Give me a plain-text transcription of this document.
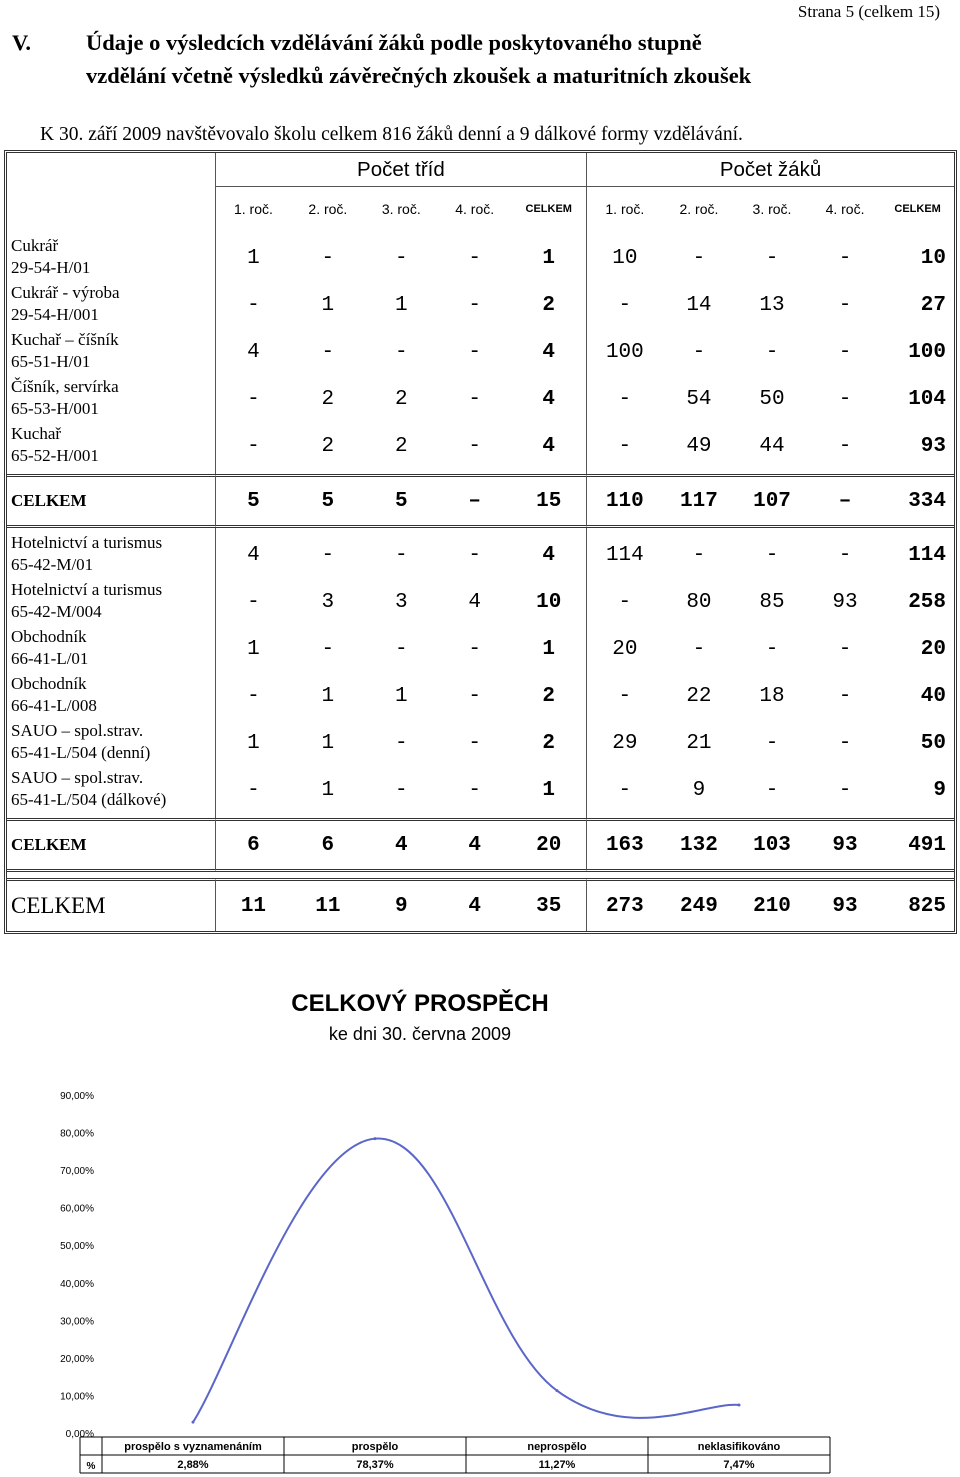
Strana 5 (celkem 15)
V. Údaje o výsledcích vzdělávání žáků podle poskytovaného stupně
vzdělání včetně výsledků závěrečných zkoušek a maturitních zkoušek
K 30. září 2009 navštěvovalo školu celkem 816 žáků denní a 9 dálkové formy vzdělávání.
	Počet tříd					Počet žáků				
	1. roč.	2. roč.	3. roč.	4. roč.	CELKEM	1. roč.	2. roč.	3. roč.	4. roč.	CELKEM

Cukrář
29-54-H/01	1	-	-	-	1	10	-	-	-	10

Cukrář - výroba
29-54-H/001	-	1	1	-	2	-	14	13	-	27

Kuchař – číšník
65-51-H/01	4	-	-	-	4	100	-	-	-	100

Číšník, servírka
65-53-H/001	-	2	2	-	4	-	54	50	-	104

Kuchař
65-52-H/001	-	2	2	-	4	-	49	44	-	93
CELKEM	5	5	5	–	15	110	117	107	–	334

Hotelnictví a turismus
65-42-M/01	4	-	-	-	4	114	-	-	-	114

Hotelnictví a turismus
65-42-M/004	-	3	3	4	10	-	80	85	93	258

Obchodník
66-41-L/01	1	-	-	-	1	20	-	-	-	20

Obchodník
66-41-L/008	-	1	1	-	2	-	22	18	-	40

SAUO – spol.strav.
65-41-L/504 (denní)	1	1	-	-	2	29	21	-	-	50

SAUO – spol.strav.
65-41-L/504 (dálkové)	-	1	-	-	1	-	9	-	-	9
CELKEM	6	6	4	4	20	163	132	103	93	491

CELKEM	11	11	9	4	35	273	249	210	93	825
CELKOVÝ PROSPĚCH
ke dni 30. června 2009
0,00%
10,00%
20,00%
30,00%
40,00%
50,00%
60,00%
70,00%
80,00%
90,00%
%
prospělo s vyznamenáním
2,88%
prospělo
78,37%
neprospělo
11,27%
neklasifikováno
7,47%
